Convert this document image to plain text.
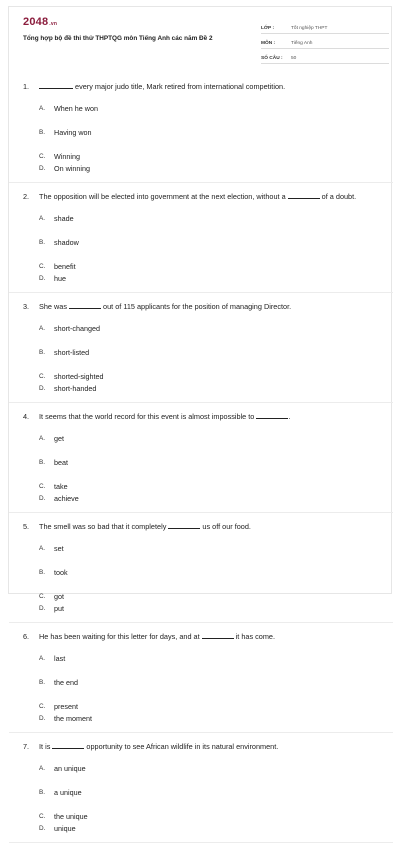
2048.vn
Tổng hợp bộ đề thi thử THPTQG môn Tiếng Anh các năm Đề 2
LỚP :	Tốt nghiệp THPT
MÔN :	Tiếng Anh
SỐ CÂU :	50
1.	every major judo title, Mark retired from international competition.
A.	When he won
B.	Having won
C.	Winning
D.	On winning
2.	The opposition will be elected into government at the next election, without a	of a doubt.
A.	shade
B.	shadow
C.	benefit
D.	hue
3.	She was	out of 115 applicants for the position of managing Director.
A.	short-changed
B.	short-listed
C.	shorted-sighted
D.	short-handed
4.	It seems that the world record for this event is almost impossible to	.
A.	get
B.	beat
C.	take
D.	achieve
5.	The smell was so bad that it completely	us off our food.
A.	set
B.	took
C.	got
D.	put
6.	He has been waiting for this letter for days, and at	it has come.
A.	last
B.	the end
C.	present
D.	the moment
7.	It is	opportunity to see African wildlife in its natural environment.
A.	an unique
B.	a unique
C.	the unique
D.	unique
